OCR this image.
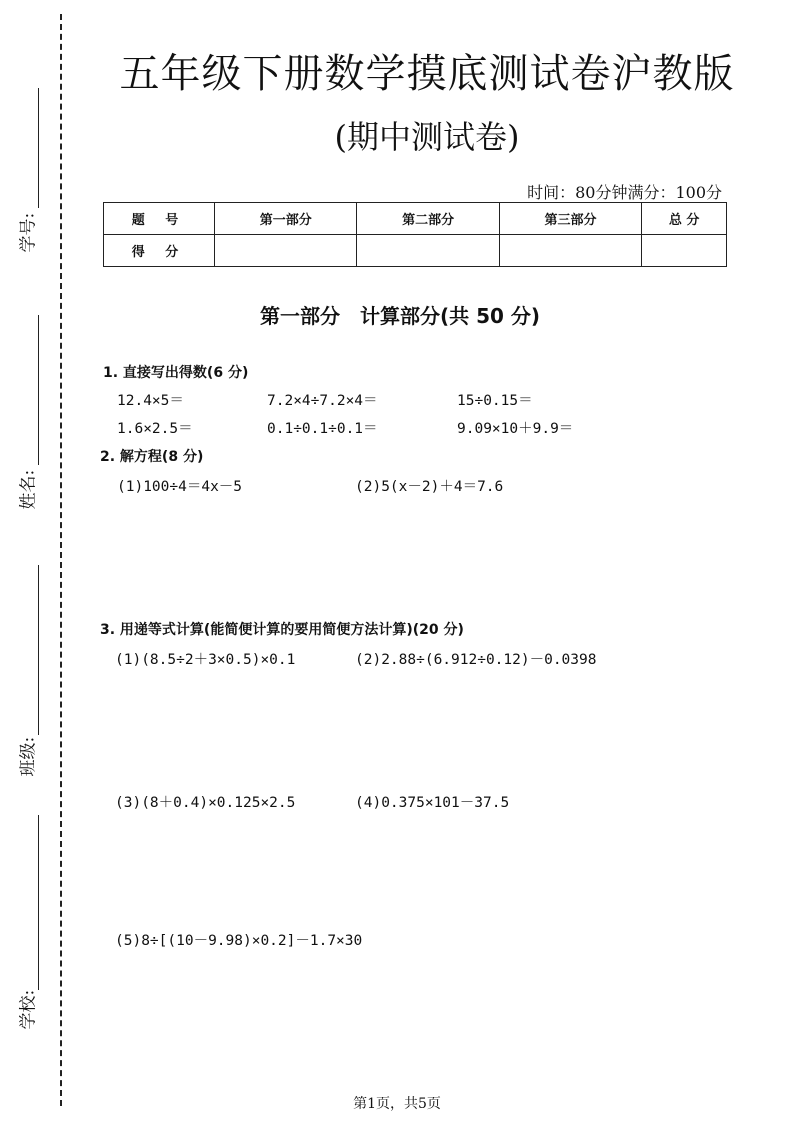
学号:
姓名:
班级:
学校:
五年级下册数学摸底测试卷沪教版
(期中测试卷)
时间：80分钟满分：100分
题 号	第一部分	第二部分	第三部分	总 分
得 分				
第一部分　计算部分(共 50 分)
1. 直接写出得数(6 分)
12.4×5＝	7.2×4÷7.2×4＝	15÷0.15＝
1.6×2.5＝	0.1÷0.1÷0.1＝	9.09×10＋9.9＝
2. 解方程(8 分)
(1)100÷4＝4x－5	(2)5(x－2)＋4＝7.6
3. 用递等式计算(能简便计算的要用简便方法计算)(20 分)
(1)(8.5÷2＋3×0.5)×0.1	(2)2.88÷(6.912÷0.12)－0.0398
(3)(8＋0.4)×0.125×2.5	(4)0.375×101－37.5
(5)8÷[(10－9.98)×0.2]－1.7×30
第1页，共5页
